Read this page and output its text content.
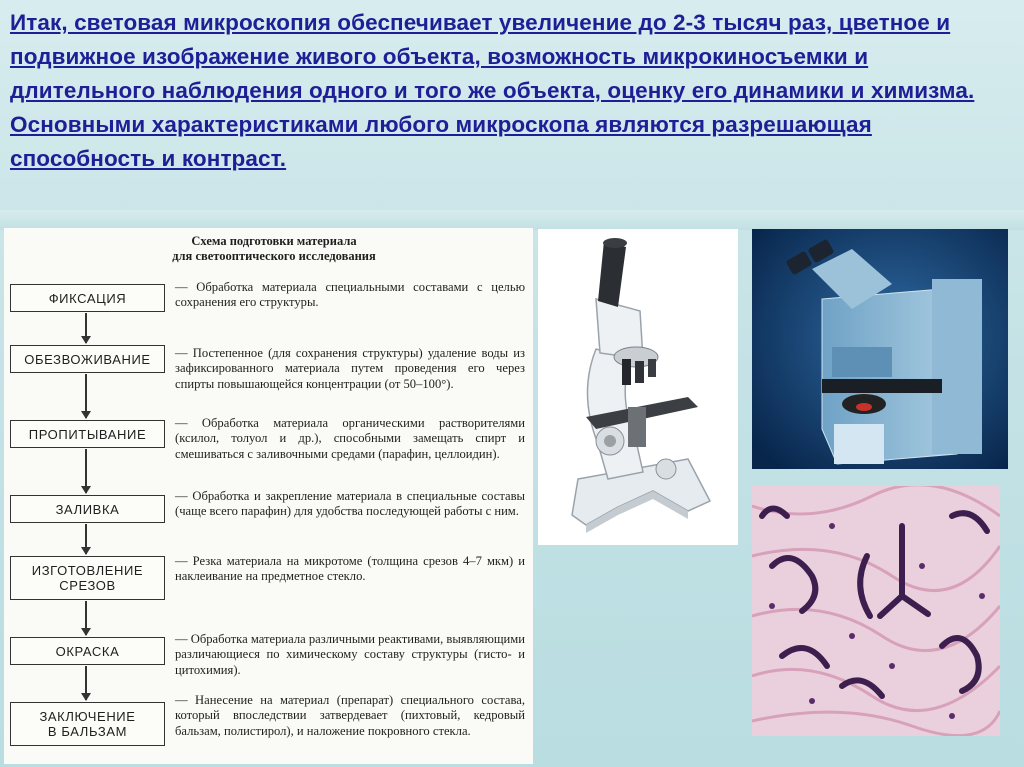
Итак, световая микроскопия обеспечивает увеличение до 2-3 тысяч раз, цветное и подвижное изображение живого объекта, возможность микрокиносъемки и длительного наблюдения одного и того же объекта, оценку его динамики и химизма.

Основными характеристиками любого микроскопа являются разрешающая способность и контраст.

Схема подготовки материала
для светооптического исследования
ФИКСАЦИЯ
ОБЕЗВОЖИВАНИЕ
ПРОПИТЫВАНИЕ
ЗАЛИВКА
ИЗГОТОВЛЕНИЕ
СРЕЗОВ
ОКРАСКА
ЗАКЛЮЧЕНИЕ
В БАЛЬЗАМ
— Обработка материала специальными составами с целью сохранения его структуры.
— Постепенное (для сохранения структуры) удаление воды из зафиксированного материала путем проведения его через спирты повышающейся концентрации (от 50–100°).
— Обработка материала органическими растворителями (ксилол, толуол и др.), способными замещать спирт и смешиваться с заливочными средами (парафин, целлоидин).
— Обработка и закрепление материала в специальные составы (чаще всего парафин) для удобства последующей работы с ним.
— Резка материала на микротоме (толщина срезов 4–7 мкм) и наклеивание на предметное стекло.
— Обработка материала различными реактивами, выявляющими различающиеся по химическому составу структуры (гисто- и цитохимия).
— Нанесение на материал (препарат) специального состава, который впоследствии затвердевает (пихтовый, кедровый бальзам, полистирол), и наложение покровного стекла.
